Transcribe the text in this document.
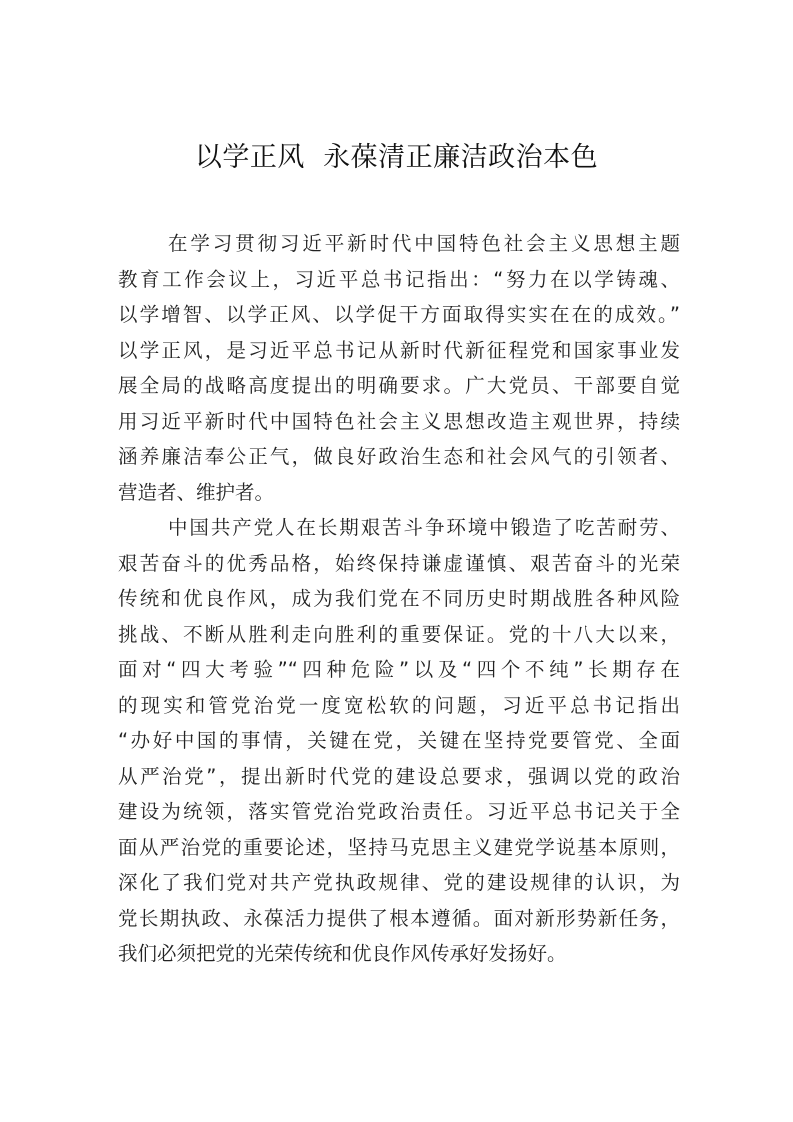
以学正风  永葆清正廉洁政治本色
在学习贯彻习近平新时代中国特色社会主义思想主题
教育工作会议上，习近平总书记指出：“努力在以学铸魂、
以学增智、以学正风、以学促干方面取得实实在在的成效。”
以学正风，是习近平总书记从新时代新征程党和国家事业发
展全局的战略高度提出的明确要求。广大党员、干部要自觉
用习近平新时代中国特色社会主义思想改造主观世界，持续
涵养廉洁奉公正气，做良好政治生态和社会风气的引领者、
营造者、维护者。
中国共产党人在长期艰苦斗争环境中锻造了吃苦耐劳、
艰苦奋斗的优秀品格，始终保持谦虚谨慎、艰苦奋斗的光荣
传统和优良作风，成为我们党在不同历史时期战胜各种风险
挑战、不断从胜利走向胜利的重要保证。党的十八大以来，
面对“四大考验”“四种危险”以及“四个不纯”长期存在
的现实和管党治党一度宽松软的问题，习近平总书记指出
“办好中国的事情，关键在党，关键在坚持党要管党、全面
从严治党”，提出新时代党的建设总要求，强调以党的政治
建设为统领，落实管党治党政治责任。习近平总书记关于全
面从严治党的重要论述，坚持马克思主义建党学说基本原则，
深化了我们党对共产党执政规律、党的建设规律的认识，为
党长期执政、永葆活力提供了根本遵循。面对新形势新任务，
我们必须把党的光荣传统和优良作风传承好发扬好。
